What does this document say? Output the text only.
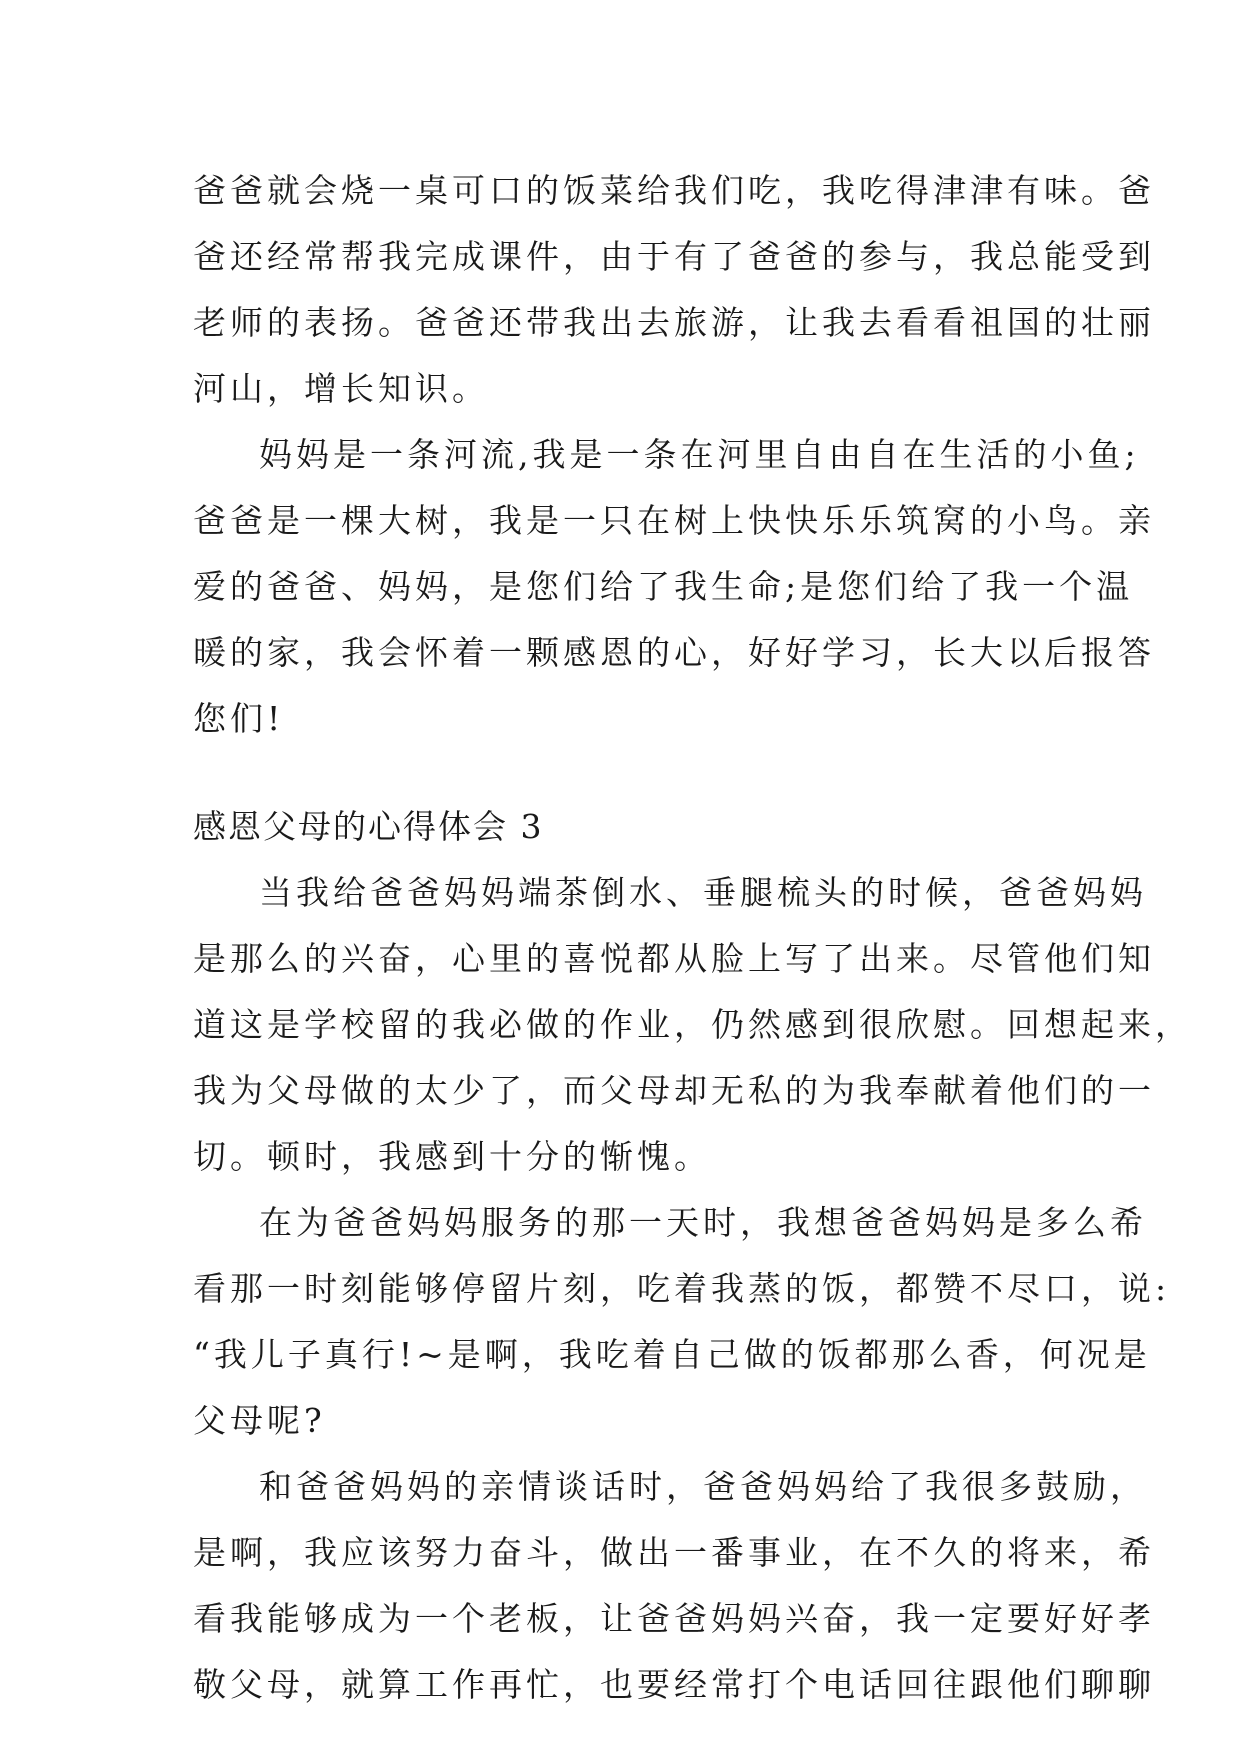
爸爸就会烧一桌可口的饭菜给我们吃，我吃得津津有味。爸
爸还经常帮我完成课件，由于有了爸爸的参与，我总能受到
老师的表扬。爸爸还带我出去旅游，让我去看看祖国的壮丽
河山，增长知识。
妈妈是一条河流,我是一条在河里自由自在生活的小鱼;
爸爸是一棵大树，我是一只在树上快快乐乐筑窝的小鸟。亲
爱的爸爸、妈妈，是您们给了我生命;是您们给了我一个温
暖的家，我会怀着一颗感恩的心，好好学习，长大以后报答
您们!
感恩父母的心得体会 3
当我给爸爸妈妈端茶倒水、垂腿梳头的时候，爸爸妈妈
是那么的兴奋，心里的喜悦都从脸上写了出来。尽管他们知
道这是学校留的我必做的作业，仍然感到很欣慰。回想起来，
我为父母做的太少了，而父母却无私的为我奉献着他们的一
切。顿时，我感到十分的惭愧。
在为爸爸妈妈服务的那一天时，我想爸爸妈妈是多么希
看那一时刻能够停留片刻，吃着我蒸的饭，都赞不尽口，说:
“我儿子真行!~是啊，我吃着自己做的饭都那么香，何况是
父母呢?
和爸爸妈妈的亲情谈话时，爸爸妈妈给了我很多鼓励，
是啊，我应该努力奋斗，做出一番事业，在不久的将来，希
看我能够成为一个老板，让爸爸妈妈兴奋，我一定要好好孝
敬父母，就算工作再忙，也要经常打个电话回往跟他们聊聊
